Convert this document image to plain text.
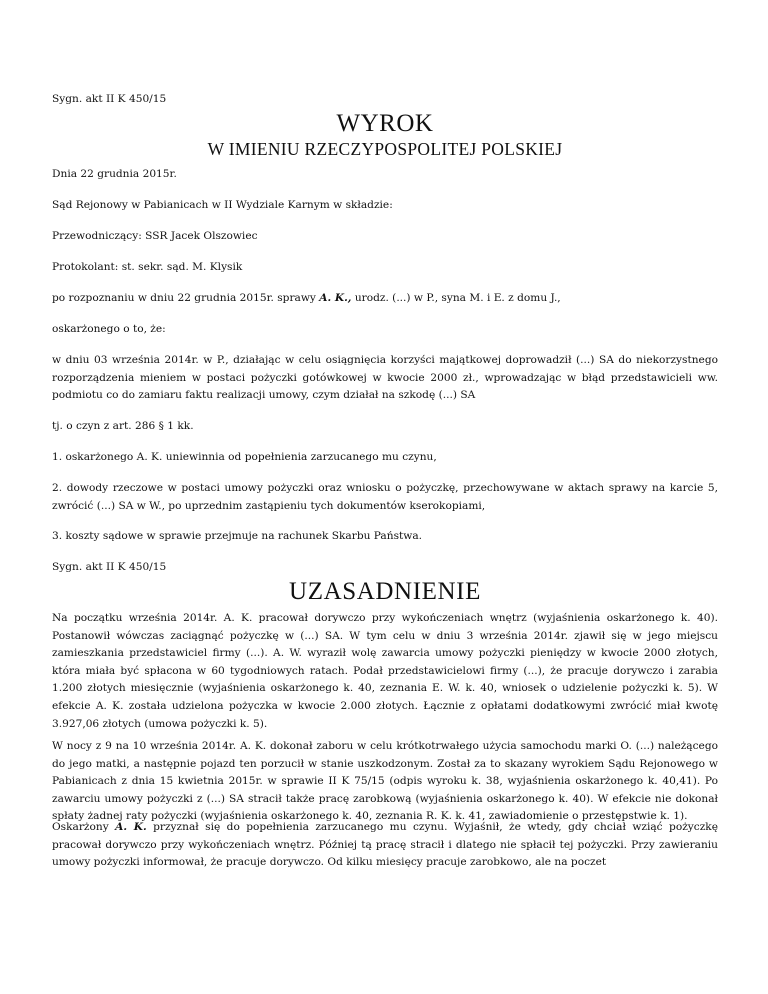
Sygn. akt II K 450/15
WYROK
W IMIENIU RZECZYPOSPOLITEJ POLSKIEJ
Dnia 22 grudnia 2015r.
Sąd Rejonowy w Pabianicach w II Wydziale Karnym w składzie:
Przewodniczący: SSR Jacek Olszowiec
Protokolant: st. sekr. sąd. M. Klysik
po rozpoznaniu w dniu 22 grudnia 2015r. sprawy A. K., urodz. (...) w P., syna M. i E. z domu J.,
oskarżonego o to, że:
w dniu 03 września 2014r. w P., działając w celu osiągnięcia korzyści majątkowej doprowadził (...) SA do niekorzystnego rozporządzenia mieniem w postaci pożyczki gotówkowej w kwocie 2000 zł., wprowadzając w błąd przedstawicieli ww. podmiotu co do zamiaru faktu realizacji umowy, czym działał na szkodę (...) SA
tj. o czyn z art. 286 § 1 kk.
1. oskarżonego A. K. uniewinnia od popełnienia zarzucanego mu czynu,
2. dowody rzeczowe w postaci umowy pożyczki oraz wniosku o pożyczkę, przechowywane w aktach sprawy na karcie 5, zwrócić (...) SA w W., po uprzednim zastąpieniu tych dokumentów kserokopiami,
3. koszty sądowe w sprawie przejmuje na rachunek Skarbu Państwa.
Sygn. akt II K 450/15
UZASADNIENIE
Na początku września 2014r. A. K. pracował dorywczo przy wykończeniach wnętrz (wyjaśnienia oskarżonego k. 40). Postanowił wówczas zaciągnąć pożyczkę w (...) SA. W tym celu w dniu 3 września 2014r. zjawił się w jego miejscu zamieszkania przedstawiciel firmy (...). A. W. wyraził wolę zawarcia umowy pożyczki pieniędzy w kwocie 2000 złotych, która miała być spłacona w 60 tygodniowych ratach. Podał przedstawicielowi firmy (...), że pracuje dorywczo i zarabia 1.200 złotych miesięcznie (wyjaśnienia oskarżonego k. 40, zeznania E. W. k. 40, wniosek o udzielenie pożyczki k. 5). W efekcie A. K. została udzielona pożyczka w kwocie 2.000 złotych. Łącznie z opłatami dodatkowymi zwrócić miał kwotę 3.927,06 złotych (umowa pożyczki k. 5).
W nocy z 9 na 10 września 2014r. A. K. dokonał zaboru w celu krótkotrwałego użycia samochodu marki O. (...) należącego do jego matki, a następnie pojazd ten porzucił w stanie uszkodzonym. Został za to skazany wyrokiem Sądu Rejonowego w Pabianicach z dnia 15 kwietnia 2015r. w sprawie II K 75/15 (odpis wyroku k. 38, wyjaśnienia oskarżonego k. 40,41). Po zawarciu umowy pożyczki z (...) SA stracił także pracę zarobkową (wyjaśnienia oskarżonego k. 40). W efekcie nie dokonał spłaty żadnej raty pożyczki (wyjaśnienia oskarżonego k. 40, zeznania R. K. k. 41, zawiadomienie o przestępstwie k. 1).
Oskarżony A. K. przyznał się do popełnienia zarzucanego mu czynu. Wyjaśnił, że wtedy, gdy chciał wziąć pożyczkę pracował dorywczo przy wykończeniach wnętrz. Później tą pracę stracił i dlatego nie spłacił tej pożyczki. Przy zawieraniu umowy pożyczki informował, że pracuje dorywczo. Od kilku miesięcy pracuje zarobkowo, ale na poczet
